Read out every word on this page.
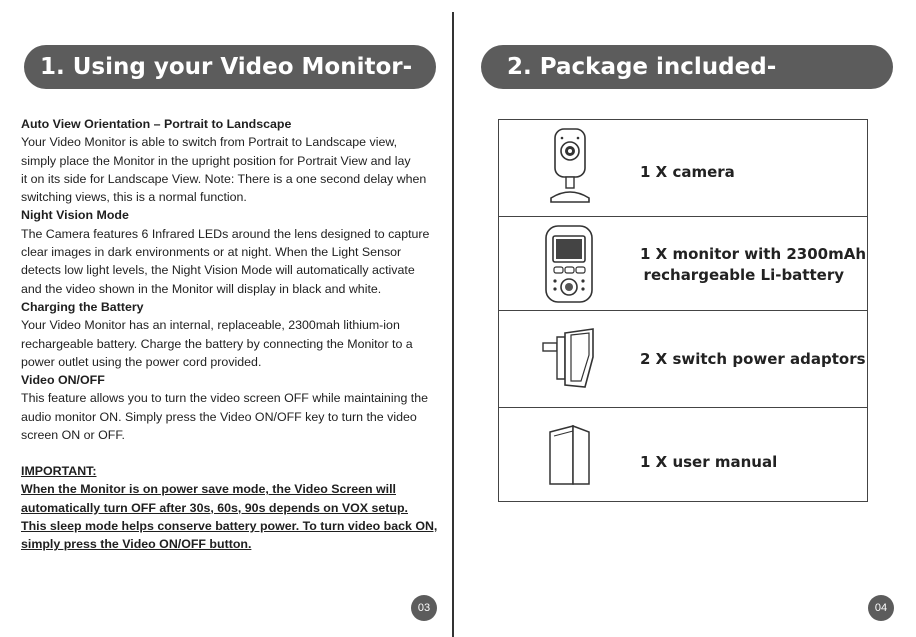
1. Using your Video Monitor-

Auto View Orientation – Portrait to Landscape

Your Video Monitor is able to switch from Portrait to Landscape view,

simply place the Monitor in the upright position for Portrait View and lay

it on its side for Landscape View. Note: There is a one second delay when

switching views, this is a normal function.

Night Vision Mode

The Camera features 6 Infrared LEDs around the lens designed to capture

clear images in dark environments or at night. When the Light Sensor

detects low light levels, the Night Vision Mode will automatically activate

and the video shown in the Monitor will display in black and white.

Charging the Battery

Your Video Monitor has an internal, replaceable, 2300mah lithium-ion

rechargeable battery. Charge the battery by connecting the Monitor to a

power outlet using the power cord provided.

Video ON/OFF

This feature allows you to turn the video screen OFF while maintaining the

audio monitor ON. Simply press the Video ON/OFF key to turn the video

screen ON or OFF.

IMPORTANT:

When the Monitor is on power save mode, the Video Screen will

automatically turn OFF after 30s, 60s, 90s depends on VOX setup.

This sleep mode helps conserve battery power. To turn video back ON,

simply press the Video ON/OFF button.

03
2. Package included-
1 X camera
1 X monitor with 2300mAh
rechargeable Li-battery
2 X switch power adaptors
1 X user manual
04
